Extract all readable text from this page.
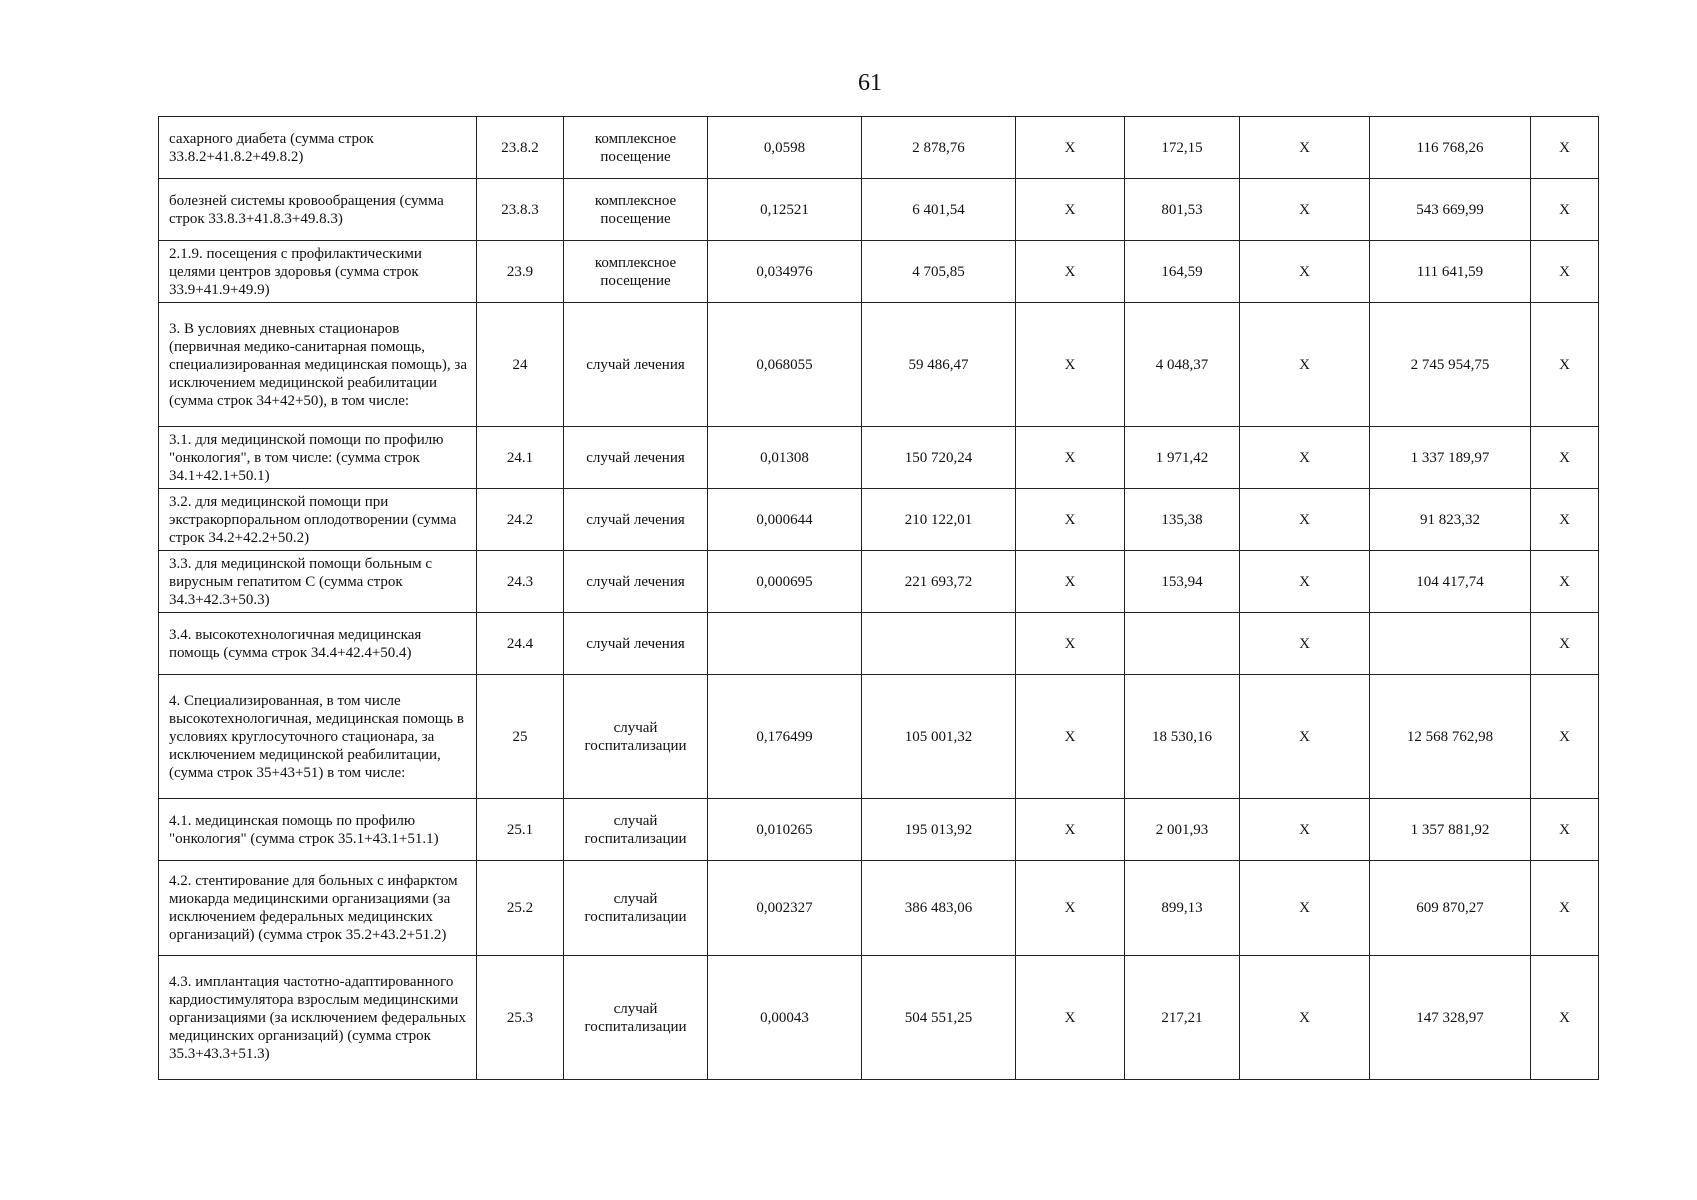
61
сахарного диабета (сумма строк 33.8.2+41.8.2+49.8.2)	23.8.2	комплексное посещение	0,0598	2 878,76	X	172,15	X	116 768,26	X
болезней системы кровообращения (сумма строк 33.8.3+41.8.3+49.8.3)	23.8.3	комплексное посещение	0,12521	6 401,54	X	801,53	X	543 669,99	X
2.1.9. посещения с профилактическими целями центров здоровья (сумма строк 33.9+41.9+49.9)	23.9	комплексное посещение	0,034976	4 705,85	X	164,59	X	111 641,59	X
3. В условиях дневных стационаров (первичная медико-санитарная помощь, специализированная медицинская помощь), за исключением медицинской реабилитации (сумма строк 34+42+50), в том числе:	24	случай лечения	0,068055	59 486,47	X	4 048,37	X	2 745 954,75	X
3.1. для медицинской помощи по профилю "онкология", в том числе: (сумма строк 34.1+42.1+50.1)	24.1	случай лечения	0,01308	150 720,24	X	1 971,42	X	1 337 189,97	X
3.2. для медицинской помощи при экстракорпоральном оплодотворении (сумма строк 34.2+42.2+50.2)	24.2	случай лечения	0,000644	210 122,01	X	135,38	X	91 823,32	X
3.3. для медицинской помощи больным с вирусным гепатитом С (сумма строк 34.3+42.3+50.3)	24.3	случай лечения	0,000695	221 693,72	X	153,94	X	104 417,74	X
3.4. высокотехнологичная медицинская помощь (сумма строк 34.4+42.4+50.4)	24.4	случай лечения			X		X		X
4. Специализированная, в том числе высокотехнологичная, медицинская помощь в условиях круглосуточного стационара, за исключением медицинской реабилитации, (сумма строк 35+43+51) в том числе:	25	случай госпитализации	0,176499	105 001,32	X	18 530,16	X	12 568 762,98	X
4.1. медицинская помощь по профилю "онкология" (сумма строк 35.1+43.1+51.1)	25.1	случай госпитализации	0,010265	195 013,92	X	2 001,93	X	1 357 881,92	X
4.2. стентирование для больных с инфарктом миокарда медицинскими организациями (за исключением федеральных медицинских организаций) (сумма строк 35.2+43.2+51.2)	25.2	случай госпитализации	0,002327	386 483,06	X	899,13	X	609 870,27	X
4.3. имплантация частотно-адаптированного кардиостимулятора взрослым медицинскими организациями (за исключением федеральных медицинских организаций) (сумма строк 35.3+43.3+51.3)	25.3	случай госпитализации	0,00043	504 551,25	X	217,21	X	147 328,97	X
